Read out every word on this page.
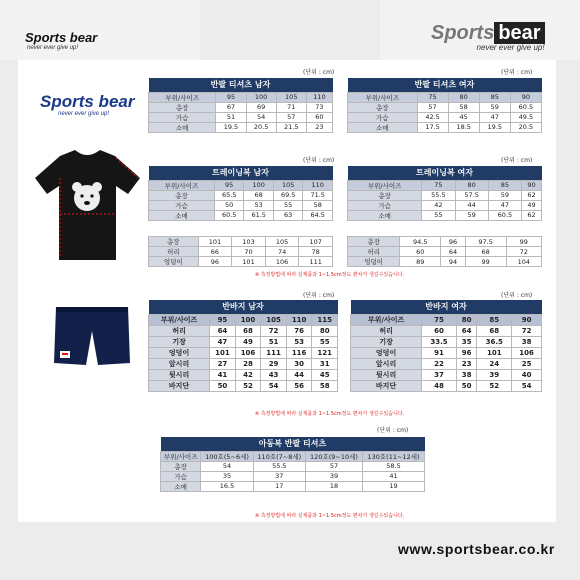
Sports bear
never ever give up!
Sports bear
never ever give up!
Sports bear
never ever give up!
(단위 : cm)	(단위 : cm)
(단위 : cm)	(단위 : cm)
(단위 : cm)	(단위 : cm)
(단위 : cm)
반팔 티셔츠 남자				
부위/사이즈	95	100	105	110
총장	67	69	71	73
가슴	51	54	57	60
소매	19.5	20.5	21.5	23
반팔 티셔츠 여자				
부위/사이즈	75	80	85	90
총장	57	58	59	60.5
가슴	42.5	45	47	49.5
소매	17.5	18.5	19.5	20.5
트레이닝복 남자				
부위/사이즈	95	100	105	110
총장	65.5	68	69.5	71.5
가슴	50	53	55	58
소매	60.5	61.5	63	64.5
트레이닝복 여자				
부위/사이즈	75	80	85	90
총장	55.5	57.5	59	62
가슴	42	44	47	49
소매	55	59	60.5	62
총장	101	103	105	107
허리	66	70	74	78
엉덩이	96	101	106	111
총장	94.5	96	97.5	99
허리	60	64	68	72
엉덩이	89	94	99	104
※ 측정방법에 따라 실제품과 1~1.5cm정도 편차가 생길수있습니다.
반바지 남자					
부위/사이즈	95	100	105	110	115
허리	64	68	72	76	80
기장	47	49	51	53	55
엉덩이	101	106	111	116	121
앞시리	27	28	29	30	31
뒷시리	41	42	43	44	45
바지단	50	52	54	56	58
반바지 여자				
부위/사이즈	75	80	85	90
허리	60	64	68	72
기장	33.5	35	36.5	38
엉덩이	91	96	101	106
앞시리	22	23	24	25
뒷시리	37	38	39	40
바지단	48	50	52	54
※ 측정방법에 따라 실제품과 1~1.5cm정도 편차가 생길수있습니다.
아동복 반팔 티셔츠				
부위/사이즈	100호(5~6세)	110호(7~8세)	120호(9~10세)	130호(11~12세)
총장	54	55.5	57	58.5
가슴	35	37	39	41
소매	16.5	17	18	19
※ 측정방법에 따라 실제품과 1~1.5cm정도 편차가 생길수있습니다.
www.sportsbear.co.kr
